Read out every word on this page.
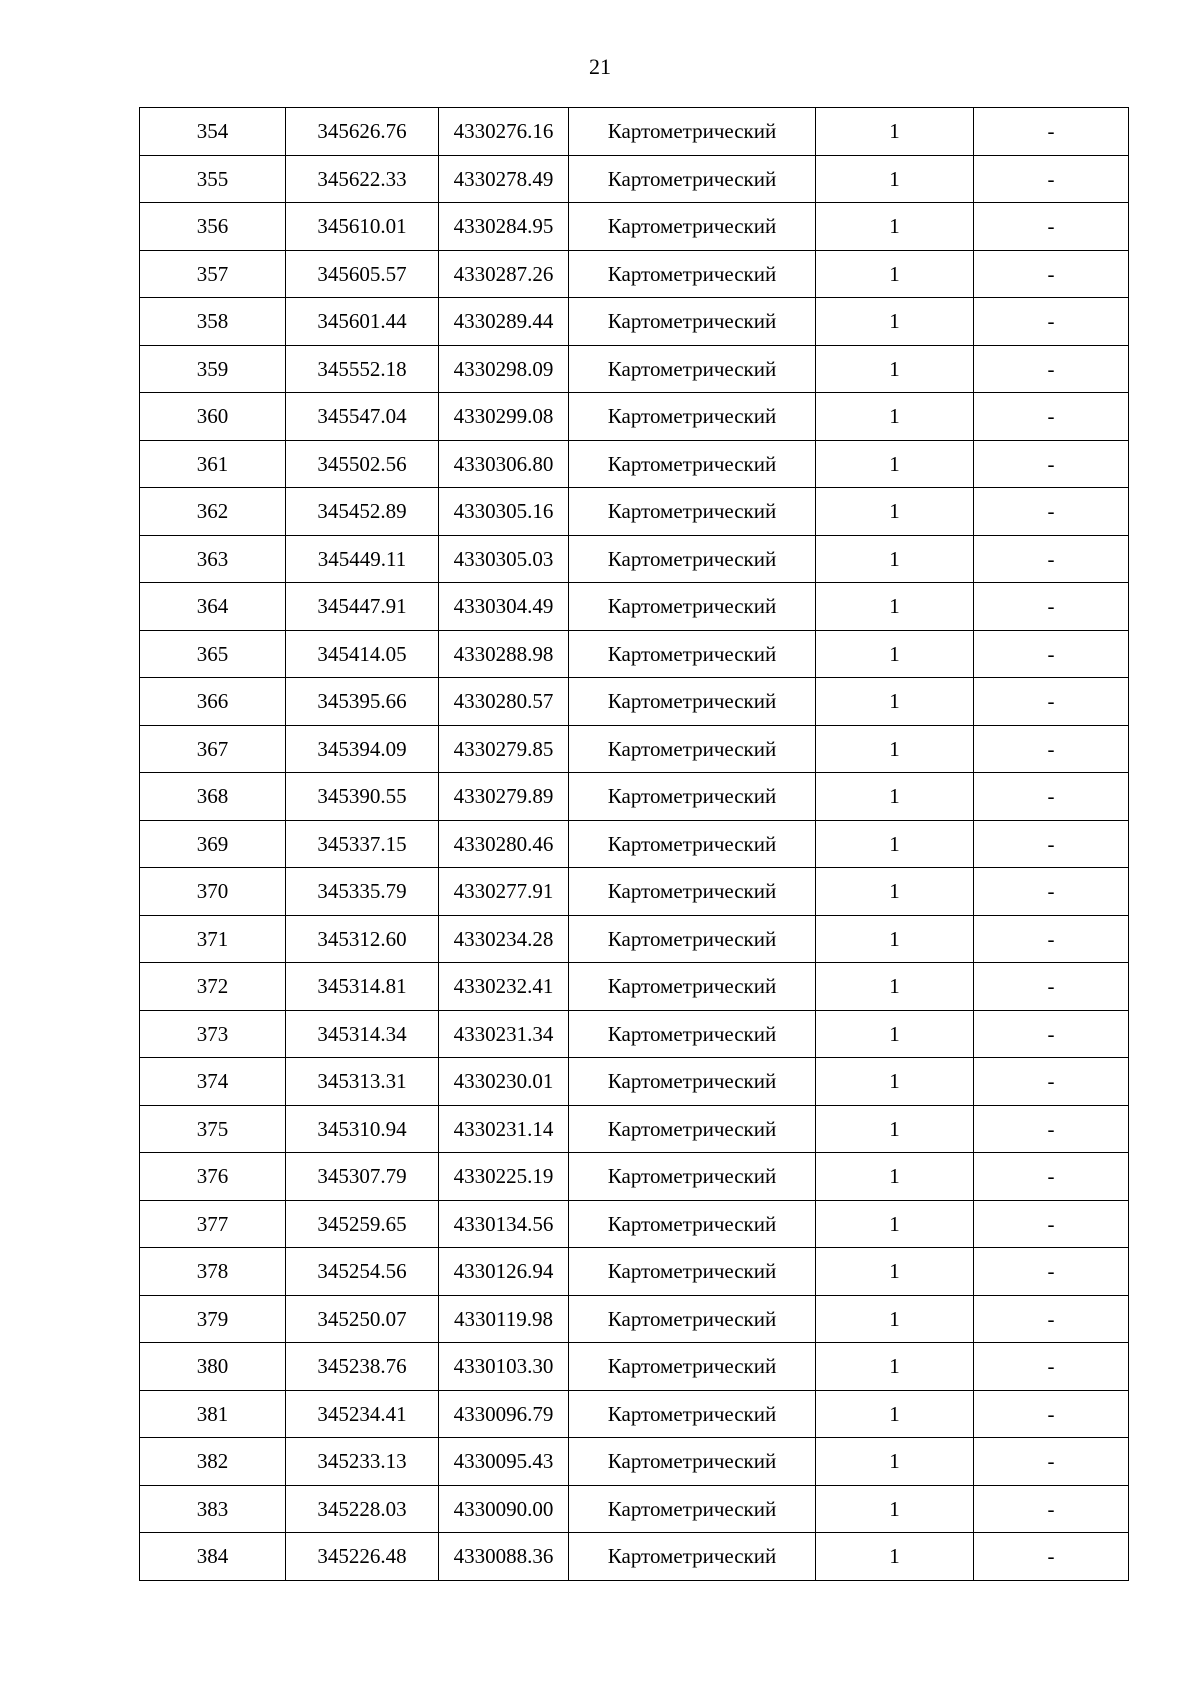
21
354	345626.76	4330276.16	Картометрический	1	-
355	345622.33	4330278.49	Картометрический	1	-
356	345610.01	4330284.95	Картометрический	1	-
357	345605.57	4330287.26	Картометрический	1	-
358	345601.44	4330289.44	Картометрический	1	-
359	345552.18	4330298.09	Картометрический	1	-
360	345547.04	4330299.08	Картометрический	1	-
361	345502.56	4330306.80	Картометрический	1	-
362	345452.89	4330305.16	Картометрический	1	-
363	345449.11	4330305.03	Картометрический	1	-
364	345447.91	4330304.49	Картометрический	1	-
365	345414.05	4330288.98	Картометрический	1	-
366	345395.66	4330280.57	Картометрический	1	-
367	345394.09	4330279.85	Картометрический	1	-
368	345390.55	4330279.89	Картометрический	1	-
369	345337.15	4330280.46	Картометрический	1	-
370	345335.79	4330277.91	Картометрический	1	-
371	345312.60	4330234.28	Картометрический	1	-
372	345314.81	4330232.41	Картометрический	1	-
373	345314.34	4330231.34	Картометрический	1	-
374	345313.31	4330230.01	Картометрический	1	-
375	345310.94	4330231.14	Картометрический	1	-
376	345307.79	4330225.19	Картометрический	1	-
377	345259.65	4330134.56	Картометрический	1	-
378	345254.56	4330126.94	Картометрический	1	-
379	345250.07	4330119.98	Картометрический	1	-
380	345238.76	4330103.30	Картометрический	1	-
381	345234.41	4330096.79	Картометрический	1	-
382	345233.13	4330095.43	Картометрический	1	-
383	345228.03	4330090.00	Картометрический	1	-
384	345226.48	4330088.36	Картометрический	1	-
